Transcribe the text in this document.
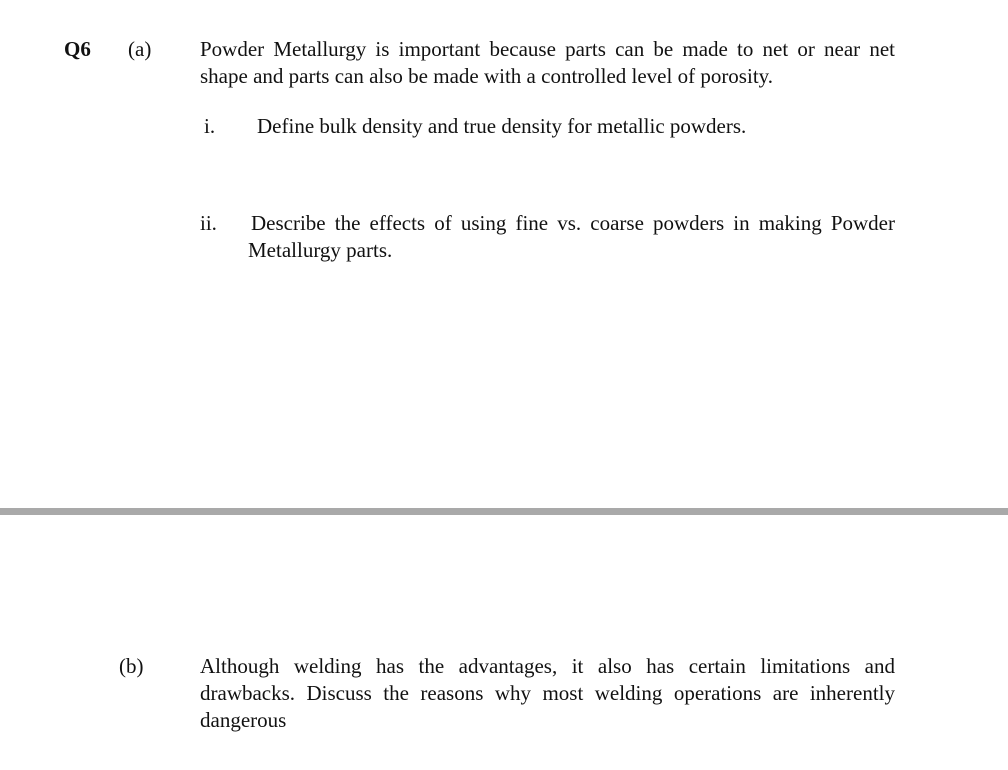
Q6 (a) Powder Metallurgy is important because parts can be made to net or near net shape and parts can also be made with a controlled level of porosity.
i. Define bulk density and true density for metallic powders.
ii. Describe the effects of using fine vs. coarse powders in making Powder Metallurgy parts.
(b)	Although welding has the advantages, it also has certain limitations and drawbacks. Discuss the reasons why most welding operations are inherently dangerous
